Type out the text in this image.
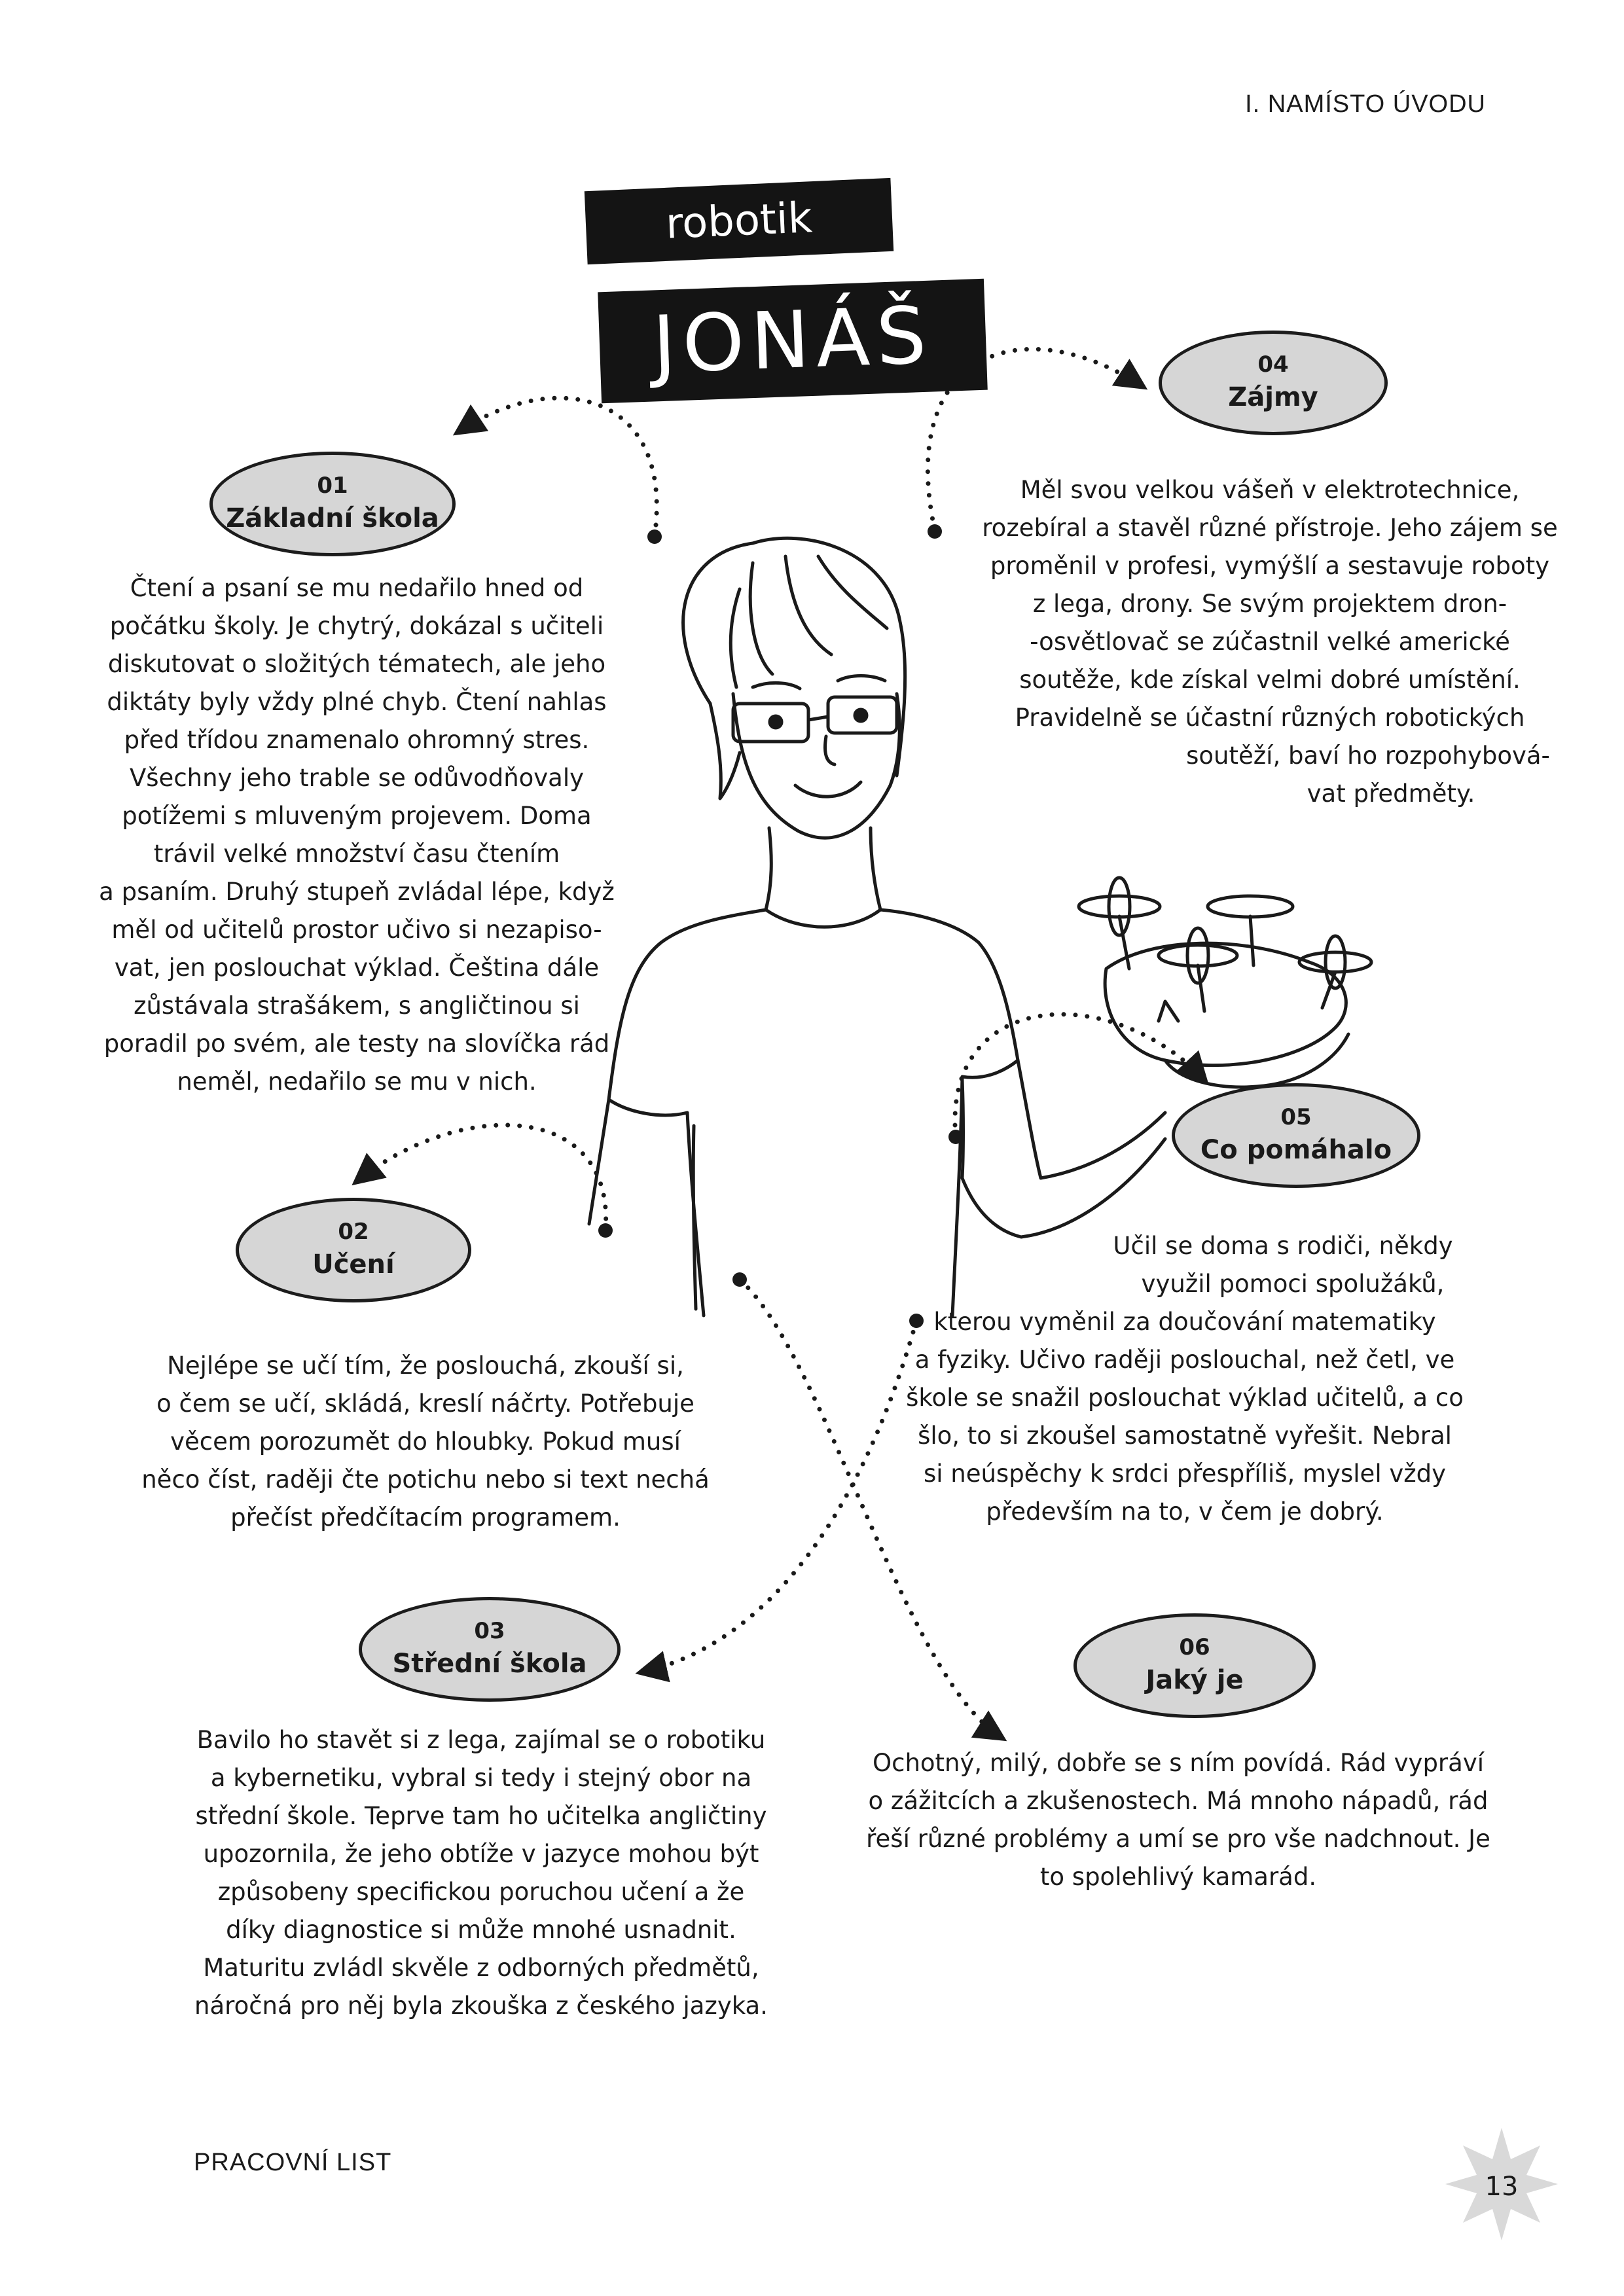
I. NAMÍSTO ÚVODU
robotik
JONÁŠ
01
Základní škola
02
Učení
03
Střední škola
04
Zájmy
05
Co pomáhalo
06
Jaký je

Čtení a psaní se mu nedařilo hned od

počátku školy. Je chytrý, dokázal s učiteli

diskutovat o složitých tématech, ale jeho

diktáty byly vždy plné chyb. Čtení nahlas

před třídou znamenalo ohromný stres.

Všechny jeho trable se odůvodňovaly

potížemi s mluveným projevem. Doma

trávil velké množství času čtením

a psaním. Druhý stupeň zvládal lépe, když

měl od učitelů prostor učivo si nezapiso-

vat, jen poslouchat výklad. Čeština dále

zůstávala strašákem, s angličtinou si

poradil po svém, ale testy na slovíčka rád

neměl, nedařilo se mu v nich.

Nejlépe se učí tím, že poslouchá, zkouší si,

o čem se učí, skládá, kreslí náčrty. Potřebuje

věcem porozumět do hloubky. Pokud musí

něco číst, raději čte potichu nebo si text nechá

přečíst předčítacím programem.

Bavilo ho stavět si z lega, zajímal se o robotiku

a kybernetiku, vybral si tedy i stejný obor na

střední škole. Teprve tam ho učitelka angličtiny

upozornila, že jeho obtíže v jazyce mohou být

způsobeny specifickou poruchou učení a že

díky diagnostice si může mnohé usnadnit.

Maturitu zvládl skvěle z odborných předmětů,

náročná pro něj byla zkouška z českého jazyka.

Měl svou velkou vášeň v elektrotechnice,

rozebíral a stavěl různé přístroje. Jeho zájem se

proměnil v profesi, vymýšlí a sestavuje roboty

z lega, drony. Se svým projektem dron-

-osvětlovač se zúčastnil velké americké

soutěže, kde získal velmi dobré umístění.

Pravidelně se účastní různých robotických

soutěží, baví ho rozpohybová-

vat předměty.

Učil se doma s rodiči, někdy

využil pomoci spolužáků,

kterou vyměnil za doučování matematiky

a fyziky. Učivo raději poslouchal, než četl, ve

škole se snažil poslouchat výklad učitelů, a co

šlo, to si zkoušel samostatně vyřešit. Nebral

si neúspěchy k srdci přespříliš, myslel vždy

především na to, v čem je dobrý.

Ochotný, milý, dobře se s ním povídá. Rád vypráví

o zážitcích a zkušenostech. Má mnoho nápadů, rád

řeší různé problémy a umí se pro vše nadchnout. Je

to spolehlivý kamarád.

PRACOVNÍ LIST
13
